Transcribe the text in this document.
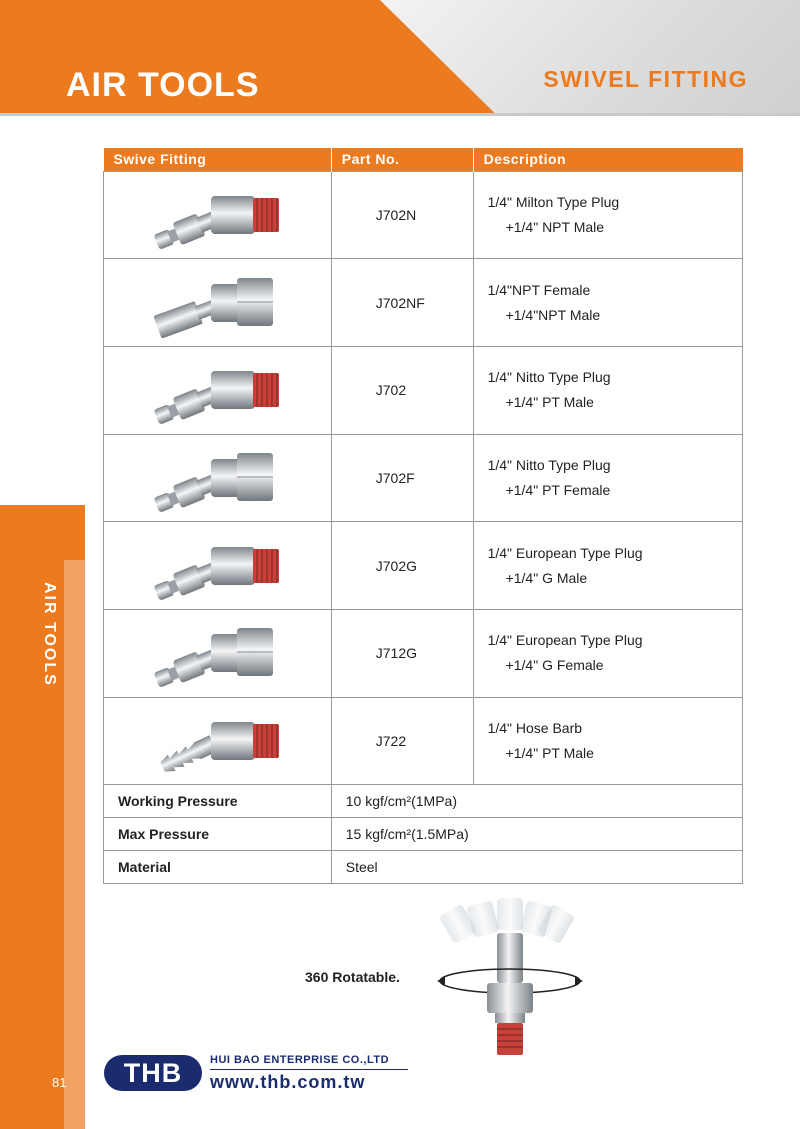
AIR TOOLS	SWIVEL FITTING
AIR TOOLS
81
Swive Fitting	Part No.	Description

	J702N	1/4" Milton Type Plug
+1/4" NPT Male

	J702NF	1/4"NPT Female
+1/4"NPT Male

	J702	1/4" Nitto Type Plug
+1/4" PT Male

	J702F	1/4" Nitto Type Plug
+1/4" PT Female

	J702G	1/4" European Type Plug
+1/4" G Male

	J712G	1/4" European Type Plug
+1/4" G Female

	J722	1/4" Hose Barb
+1/4" PT Male

Working Pressure	10 kgf/cm²(1MPa)	
Max Pressure	15 kgf/cm²(1.5MPa)	
Material	Steel	
360 Rotatable.
THB	HUI BAO ENTERPRISE CO.,LTD
www.thb.com.tw
